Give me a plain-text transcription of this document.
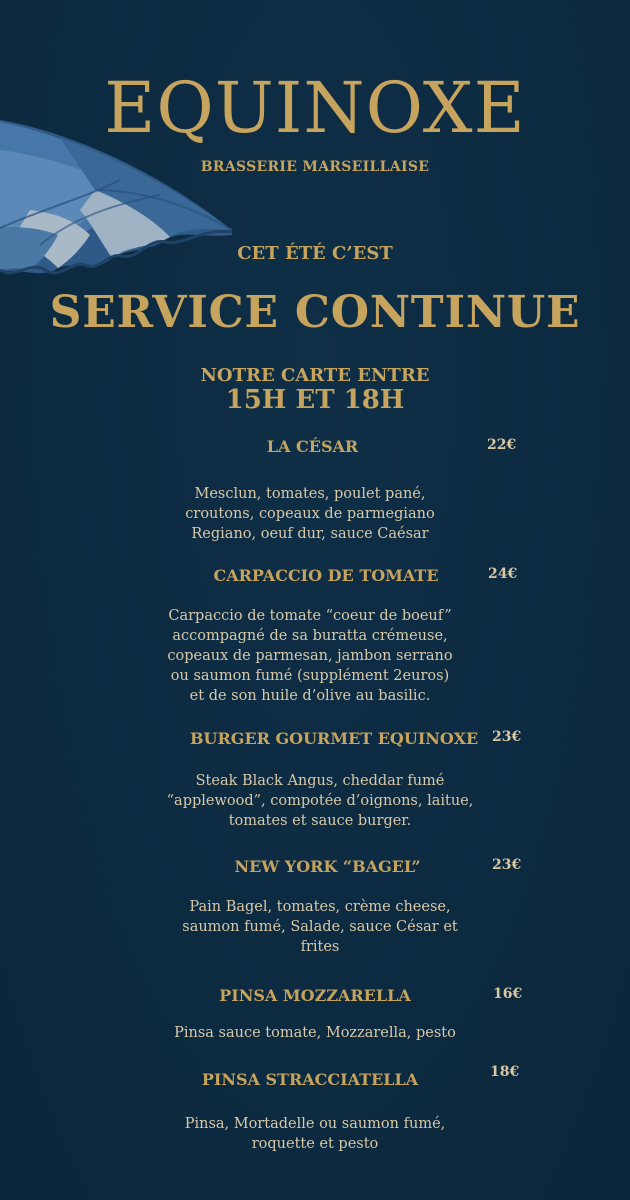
EQUINOXE
BRASSERIE MARSEILLAISE
CET ÉTÉ C’EST
SERVICE CONTINUE
NOTRE CARTE ENTRE
15H ET 18H
LA CÉSAR	22€
Mesclun, tomates, poulet pané,
croutons, copeaux de parmegiano
Regiano, oeuf dur, sauce Caésar
CARPACCIO DE TOMATE	24€
Carpaccio de tomate “coeur de boeuf”
accompagné de sa buratta crémeuse,
copeaux de parmesan, jambon serrano
ou saumon fumé (supplément 2euros)
et de son huile d’olive au basilic.
BURGER GOURMET EQUINOXE 23€
Steak Black Angus, cheddar fumé
“applewood”, compotée d’oignons, laitue,
tomates et sauce burger.
NEW YORK “BAGEL”	23€
Pain Bagel, tomates, crème cheese,
saumon fumé, Salade, sauce César et
frites
PINSA MOZZARELLA	16€
Pinsa sauce tomate, Mozzarella, pesto
PINSA STRACCIATELLA	18€
Pinsa, Mortadelle ou saumon fumé,
roquette et pesto
